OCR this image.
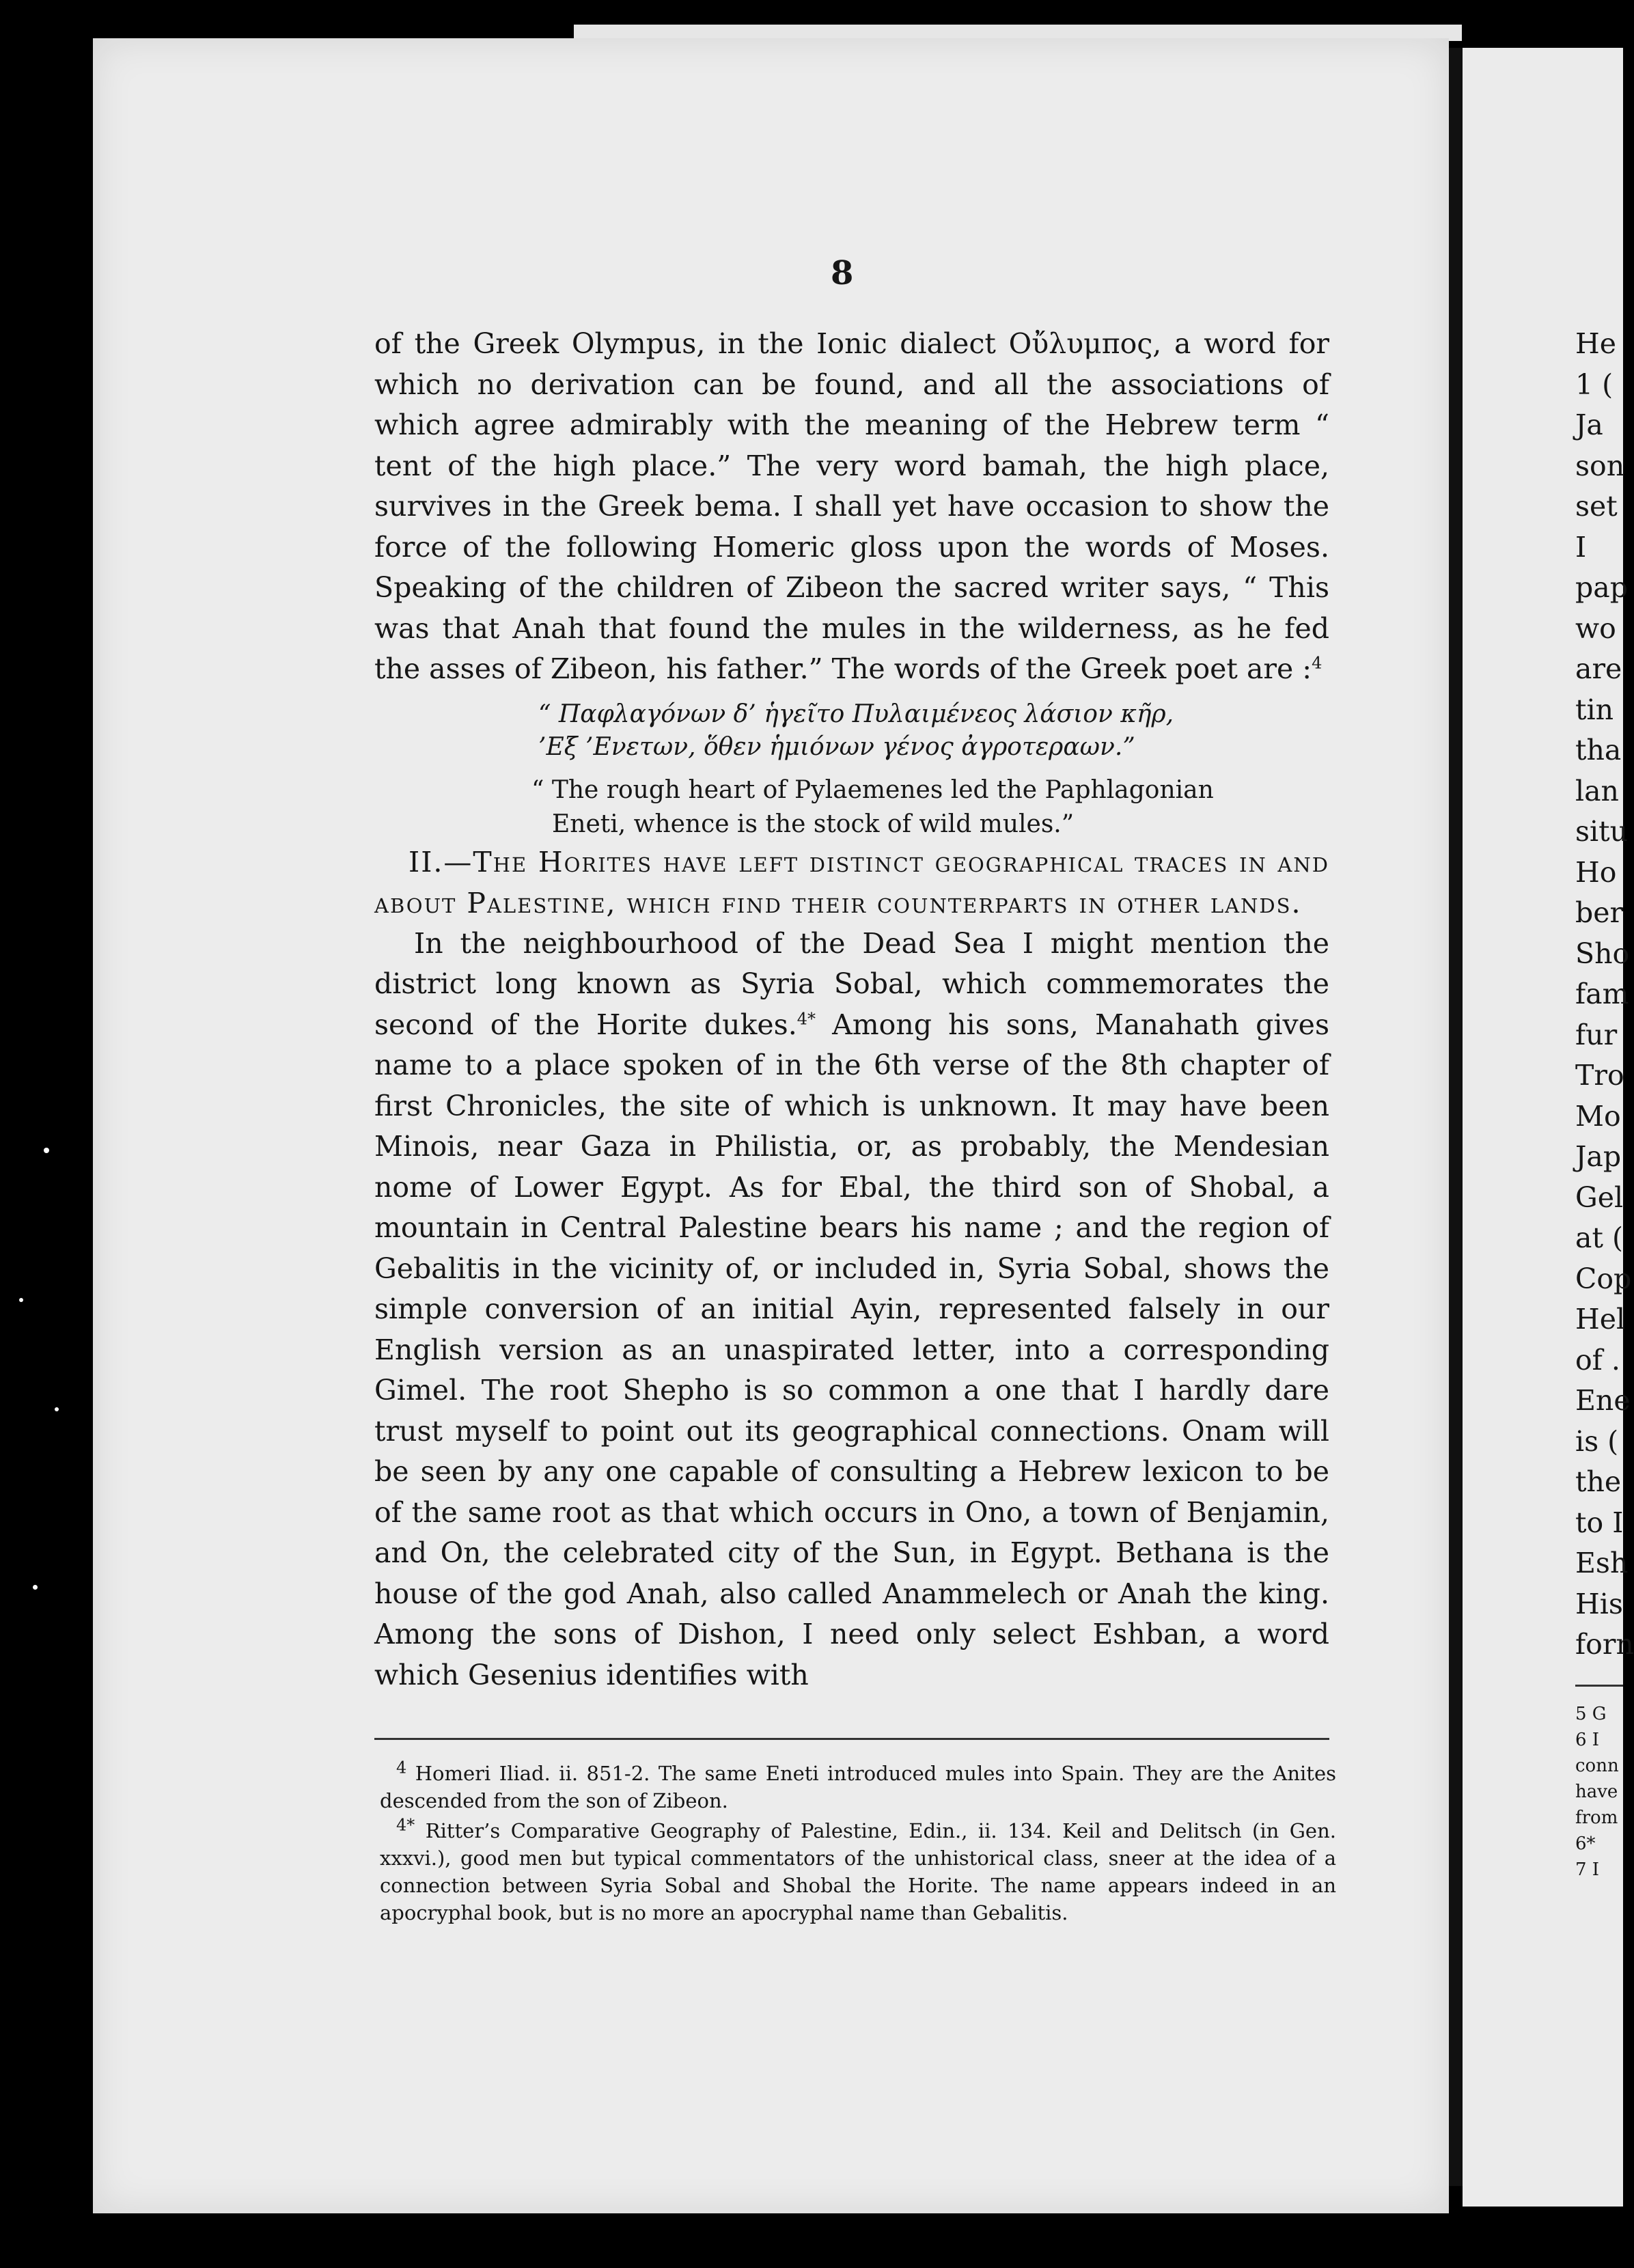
8

of the Greek Olympus, in the Ionic dialect Οὔλυμπος, a word for which no derivation can be found, and all the associations of which agree admirably with the meaning of the Hebrew term “ tent of the high place.” The very word bamah, the high place, survives in the Greek bema. I shall yet have occasion to show the force of the following Homeric gloss upon the words of Moses. Speaking of the children of Zibeon the sacred writer says, “ This was that Anah that found the mules in the wilderness, as he fed the asses of Zibeon, his father.” The words of the Greek poet are :$^4$

“ Παφλαγόνων δ’ ἡγεῖτο Πυλαιμένεος λάσιον κῆρ,
’Εξ ’Ενετων, ὅθεν ἡμιόνων γένος ἀγροτεραων.”
“ The rough heart of Pylaemenes led the Paphlagonian
Eneti, whence is the stock of wild mules.”

II.—The Horites have left distinct geographical traces in and about Palestine, which find their counterparts in other lands.

In the neighbourhood of the Dead Sea I might mention the district long known as Syria Sobal, which commemorates the second of the Horite dukes.$^{4*}$ Among his sons, Manahath gives name to a place spoken of in the 6th verse of the 8th chapter of first Chronicles, the site of which is unknown. It may have been Minois, near Gaza in Philistia, or, as probably, the Mendesian nome of Lower Egypt. As for Ebal, the third son of Shobal, a mountain in Central Palestine bears his name ; and the region of Gebalitis in the vicinity of, or included in, Syria Sobal, shows the simple conversion of an initial Ayin, represented falsely in our English version as an unaspirated letter, into a corresponding Gimel. The root Shepho is so common a one that I hardly dare trust myself to point out its geographical connections. Onam will be seen by any one capable of consulting a Hebrew lexicon to be of the same root as that which occurs in Ono, a town of Benjamin, and On, the celebrated city of the Sun, in Egypt. Bethana is the house of the god Anah, also called Anammelech or Anah the king. Among the sons of Dishon, I need only select Eshban, a word which Gesenius identifies with

$^4$ Homeri Iliad. ii. 851-2. The same Eneti introduced mules into Spain. They are the Anites descended from the son of Zibeon.

$^{4*}$ Ritter’s Comparative Geography of Palestine, Edin., ii. 134. Keil and Delitsch (in Gen. xxxvi.), good men but typical commentators of the unhistorical class, sneer at the idea of a connection between Syria Sobal and Shobal the Horite. The name appears indeed in an apocryphal book, but is no more an apocryphal name than Gebalitis.

He
1 (
Ja
son
set
I
pap
wo
are
tin
tha
lan
situ
Ho
ber
Sho
fam
fur
Tro
Mo
Jap
Gel
at (
Cop
Hel
of .
Ene
is (
the
to I
Esh
His
forn
5 G
6 I
conn
have
from
6*
7 I
